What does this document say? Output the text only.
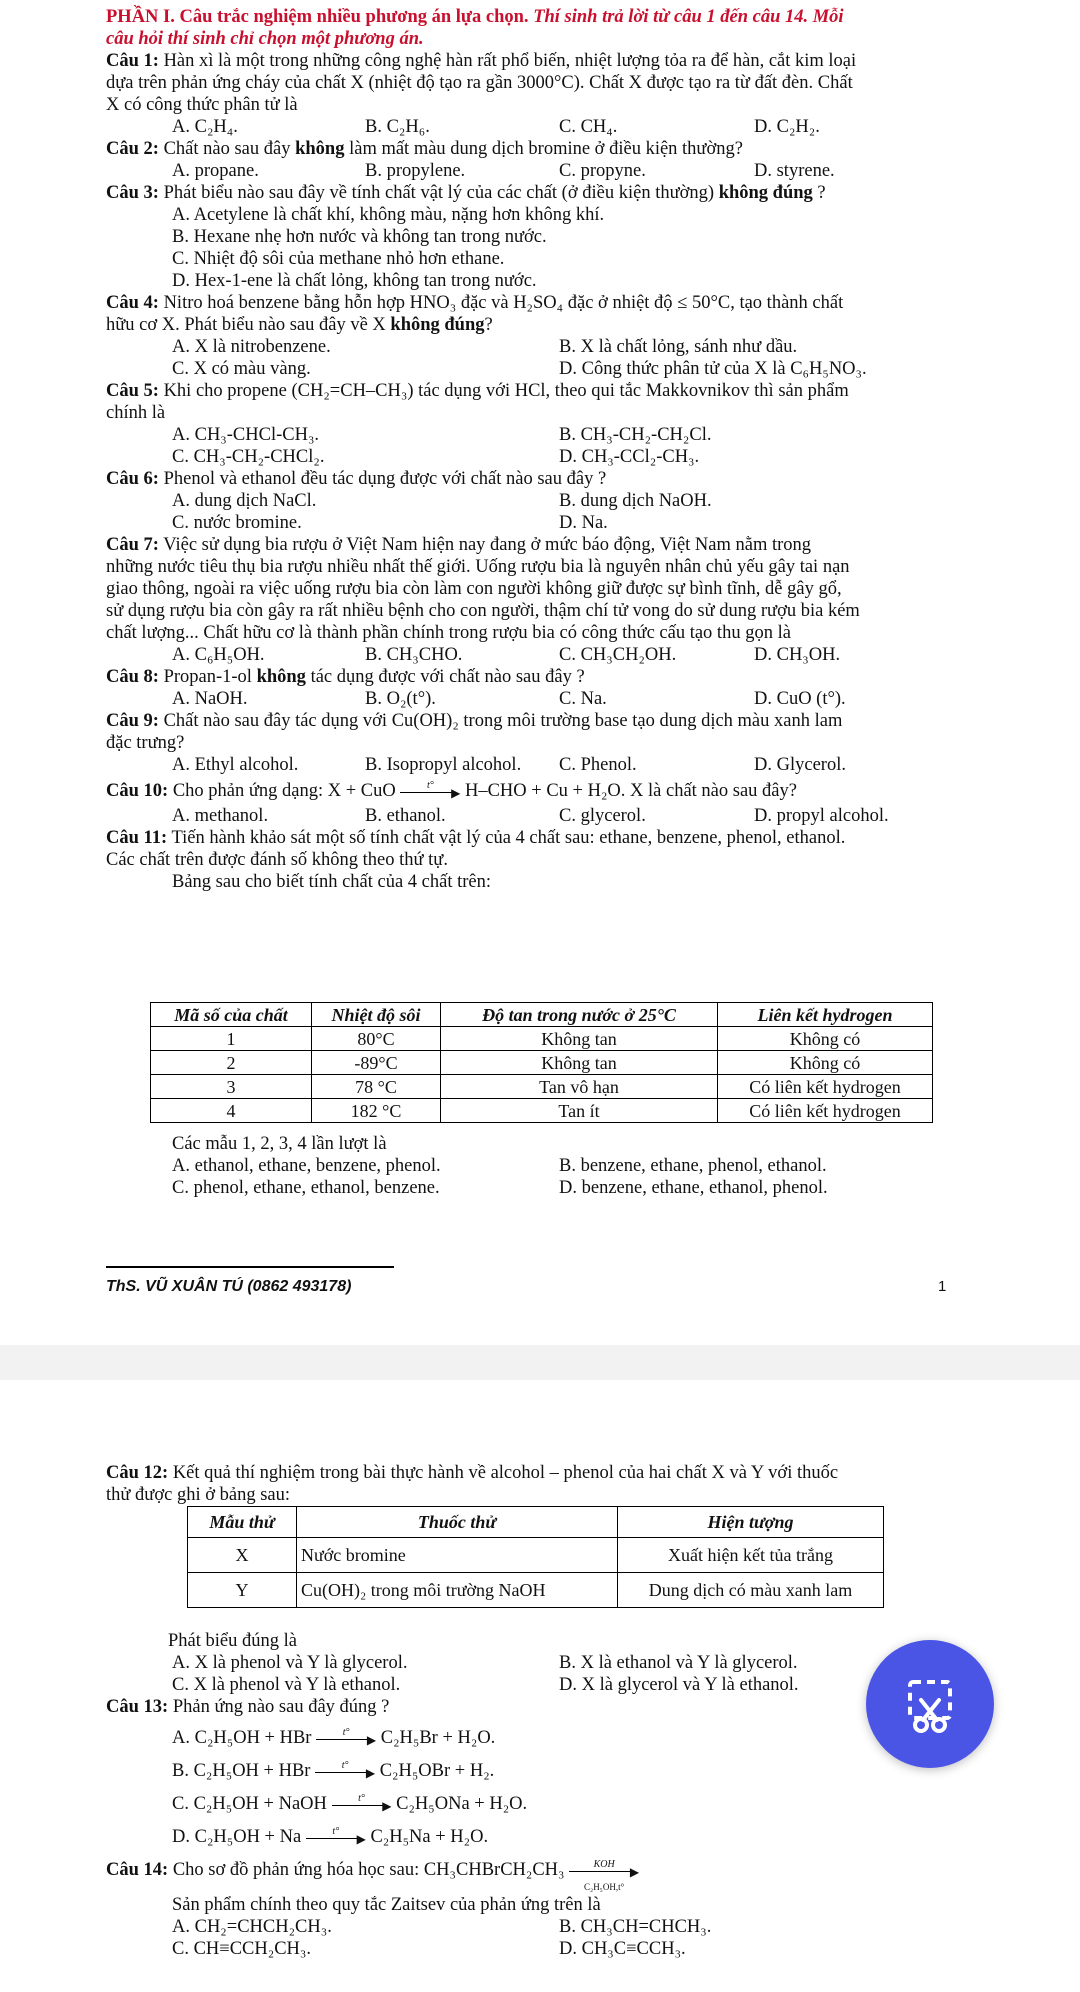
PHẦN I. Câu trắc nghiệm nhiều phương án lựa chọn. Thí sinh trả lời từ câu 1 đến câu 14. Mỗi
câu hỏi thí sinh chỉ chọn một phương án.
Câu 1: Hàn xì là một trong những công nghệ hàn rất phổ biến, nhiệt lượng tỏa ra để hàn, cắt kim loại
dựa trên phản ứng cháy của chất X (nhiệt độ tạo ra gần 3000°C). Chất X được tạo ra từ đất đèn. Chất
X có công thức phân tử là
A. C₂H₄.	B. C₂H₆.	C. CH₄.	D. C₂H₂.
Câu 2: Chất nào sau đây không làm mất màu dung dịch bromine ở điều kiện thường?
A. propane.	B. propylene.	C. propyne.	D. styrene.
Câu 3: Phát biểu nào sau đây về tính chất vật lý của các chất (ở điều kiện thường) không đúng ?
A. Acetylene là chất khí, không màu, nặng hơn không khí.
B. Hexane nhẹ hơn nước và không tan trong nước.
C. Nhiệt độ sôi của methane nhỏ hơn ethane.
D. Hex-1-ene là chất lỏng, không tan trong nước.
Câu 4: Nitro hoá benzene bằng hỗn hợp HNO₃ đặc và H₂SO₄ đặc ở nhiệt độ ≤ 50°C, tạo thành chất
hữu cơ X. Phát biểu nào sau đây về X không đúng?
A. X là nitrobenzene.	B. X là chất lỏng, sánh như dầu.
C. X có màu vàng.	D. Công thức phân tử của X là C₆H₅NO₃.
Câu 5: Khi cho propene (CH₂=CH–CH₃) tác dụng với HCl, theo qui tắc Makkovnikov thì sản phẩm
chính là
A. CH₃-CHCl-CH₃.	B. CH₃-CH₂-CH₂Cl.
C. CH₃-CH₂-CHCl₂.	D. CH₃-CCl₂-CH₃.
Câu 6: Phenol và ethanol đều tác dụng được với chất nào sau đây ?
A. dung dịch NaCl.	B. dung dịch NaOH.
C. nước bromine.	D. Na.
Câu 7: Việc sử dụng bia rượu ở Việt Nam hiện nay đang ở mức báo động, Việt Nam nằm trong
những nước tiêu thụ bia rượu nhiều nhất thế giới. Uống rượu bia là nguyên nhân chủ yếu gây tai nạn
giao thông, ngoài ra việc uống rượu bia còn làm con người không giữ được sự bình tĩnh, dễ gây gổ,
sử dụng rượu bia còn gây ra rất nhiều bệnh cho con người, thậm chí tử vong do sử dung rượu bia kém
chất lượng... Chất hữu cơ là thành phần chính trong rượu bia có công thức cấu tạo thu gọn là
A. C₆H₅OH.	B. CH₃CHO.	C. CH₃CH₂OH.	D. CH₃OH.
Câu 8: Propan-1-ol không tác dụng được với chất nào sau đây ?
A. NaOH.	B. O₂(t°).	C. Na.	D. CuO (t°).
Câu 9: Chất nào sau đây tác dụng với Cu(OH)₂ trong môi trường base tạo dung dịch màu xanh lam
đặc trưng?
A. Ethyl alcohol.	B. Isopropyl alcohol. C. Phenol.	D. Glycerol.
Câu 10: Cho phản ứng dạng: X + CuO	t°
▶ H–CHO + Cu + H₂O. X là chất nào sau đây?
A. methanol.	B. ethanol.	C. glycerol.	D. propyl alcohol.
Câu 11: Tiến hành khảo sát một số tính chất vật lý của 4 chất sau: ethane, benzene, phenol, ethanol.
Các chất trên được đánh số không theo thứ tự.
Bảng sau cho biết tính chất của 4 chất trên:
Mã số của chất	Nhiệt độ sôi	Độ tan trong nước ở 25°C	Liên kết hydrogen
1	80°C	Không tan	Không có
2	-89°C	Không tan	Không có
3	78 °C	Tan vô hạn	Có liên kết hydrogen
4	182 °C	Tan ít	Có liên kết hydrogen
Các mẫu 1, 2, 3, 4 lần lượt là
A. ethanol, ethane, benzene, phenol.	B. benzene, ethane, phenol, ethanol.
C. phenol, ethane, ethanol, benzene.	D. benzene, ethane, ethanol, phenol.
ThS. VŨ XUÂN TÚ (0862 493178)	1
Câu 12: Kết quả thí nghiệm trong bài thực hành về alcohol – phenol của hai chất X và Y với thuốc
thử được ghi ở bảng sau:
Mẫu thử	Thuốc thử	Hiện tượng
X	Nước bromine	Xuất hiện kết tủa trắng
Y	Cu(OH)₂ trong môi trường NaOH	Dung dịch có màu xanh lam
Phát biểu đúng là
A. X là phenol và Y là glycerol.	B. X là ethanol và Y là glycerol.
C. X là phenol và Y là ethanol.	D. X là glycerol và Y là ethanol.
Câu 13: Phản ứng nào sau đây đúng ?
A. C₂H₅OH + HBr	t°
▶ C₂H₅Br + H₂O.
B. C₂H₅OH + HBr	t°
▶ C₂H₅OBr + H₂.
C. C₂H₅OH + NaOH	t°
▶ C₂H₅ONa + H₂O.
D. C₂H₅OH + Na	t°
▶ C₂H₅Na + H₂O.
Câu 14: Cho sơ đồ phản ứng hóa học sau: CH₃CHBrCH₂CH₃	KOH
▶
C₂H₅OH,t°
Sản phẩm chính theo quy tắc Zaitsev của phản ứng trên là
A. CH₂=CHCH₂CH₃.	B. CH₃CH=CHCH₃.
C. CH≡CCH₂CH₃.	D. CH₃C≡CCH₃.
